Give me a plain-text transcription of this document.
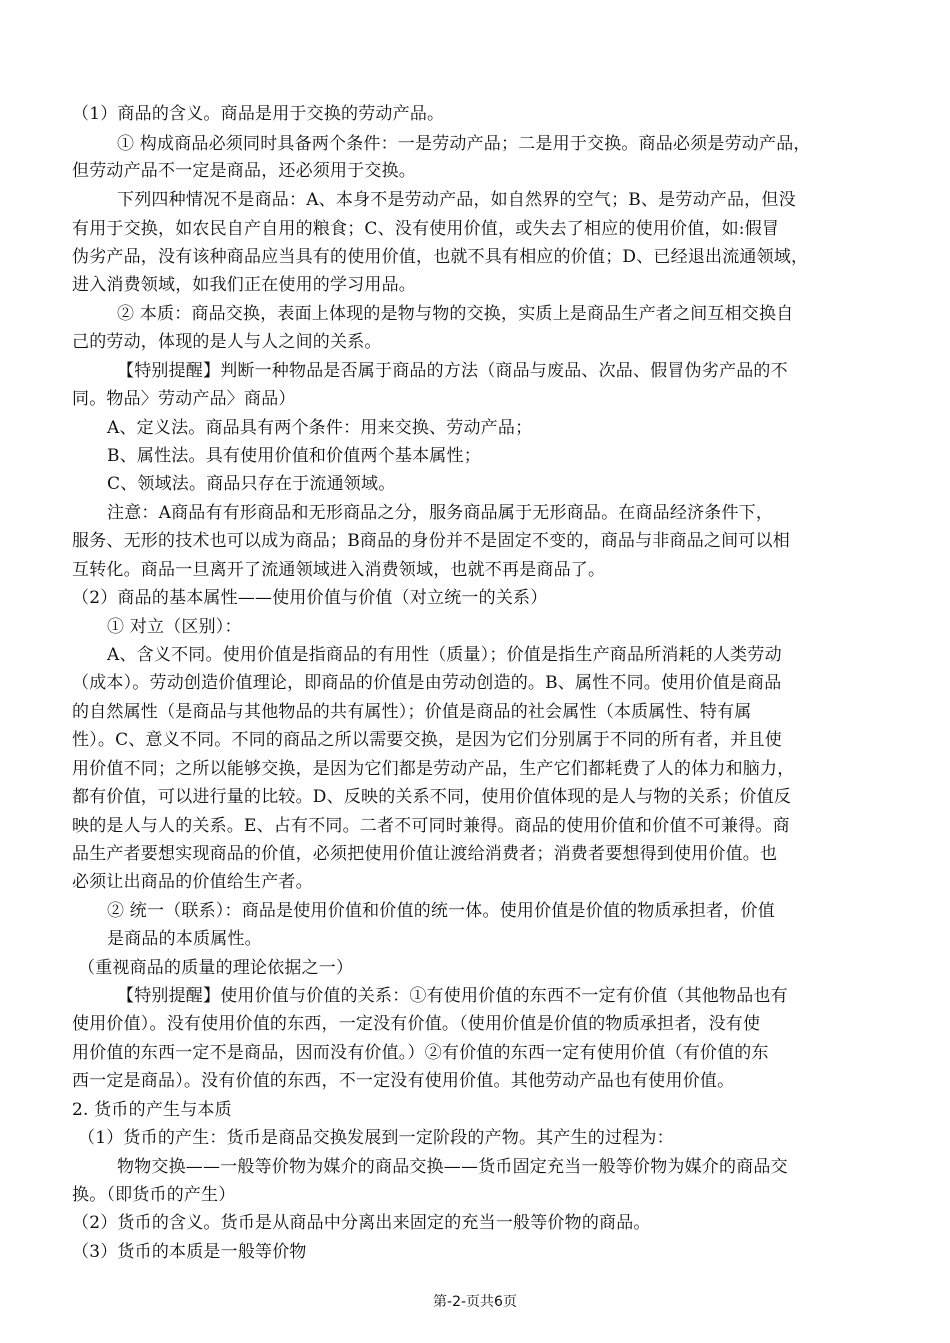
（1）商品的含义。商品是用于交换的劳动产品。
① 构成商品必须同时具备两个条件：一是劳动产品；二是用于交换。商品必须是劳动产品，
但劳动产品不一定是商品，还必须用于交换。
下列四种情况不是商品：A、本身不是劳动产品，如自然界的空气；B、是劳动产品，但没
有用于交换，如农民自产自用的粮食；C、没有使用价值，或失去了相应的使用价值，如:假冒
伪劣产品，没有该种商品应当具有的使用价值，也就不具有相应的价值；D、已经退出流通领域，
进入消费领域，如我们正在使用的学习用品。
② 本质：商品交换，表面上体现的是物与物的交换，实质上是商品生产者之间互相交换自
己的劳动，体现的是人与人之间的关系。
【特别提醒】判断一种物品是否属于商品的方法（商品与废品、次品、假冒伪劣产品的不
同。物品〉劳动产品〉商品）
A、定义法。商品具有两个条件：用来交换、劳动产品；
B、属性法。具有使用价值和价值两个基本属性；
C、领域法。商品只存在于流通领域。
注意：A商品有有形商品和无形商品之分，服务商品属于无形商品。在商品经济条件下，
服务、无形的技术也可以成为商品；B商品的身份并不是固定不变的，商品与非商品之间可以相
互转化。商品一旦离开了流通领域进入消费领域，也就不再是商品了。
（2）商品的基本属性——使用价值与价值（对立统一的关系）
① 对立（区别）：
A、含义不同。使用价值是指商品的有用性（质量）；价值是指生产商品所消耗的人类劳动
（成本）。劳动创造价值理论，即商品的价值是由劳动创造的。B、属性不同。使用价值是商品
的自然属性（是商品与其他物品的共有属性）；价值是商品的社会属性（本质属性、特有属
性）。C、意义不同。不同的商品之所以需要交换，是因为它们分别属于不同的所有者，并且使
用价值不同；之所以能够交换，是因为它们都是劳动产品，生产它们都耗费了人的体力和脑力，
都有价值，可以进行量的比较。D、反映的关系不同，使用价值体现的是人与物的关系；价值反
映的是人与人的关系。E、占有不同。二者不可同时兼得。商品的使用价值和价值不可兼得。商
品生产者要想实现商品的价值，必须把使用价值让渡给消费者；消费者要想得到使用价值。也
必须让出商品的价值给生产者。
② 统一（联系）：商品是使用价值和价值的统一体。使用价值是价值的物质承担者，价值
是商品的本质属性。
（重视商品的质量的理论依据之一）
【特别提醒】使用价值与价值的关系：①有使用价值的东西不一定有价值（其他物品也有
使用价值）。没有使用价值的东西，一定没有价值。（使用价值是价值的物质承担者，没有使
用价值的东西一定不是商品，因而没有价值。）②有价值的东西一定有使用价值（有价值的东
西一定是商品）。没有价值的东西，不一定没有使用价值。其他劳动产品也有使用价值。
2. 货币的产生与本质
（1）货币的产生：货币是商品交换发展到一定阶段的产物。其产生的过程为：
物物交换——一般等价物为媒介的商品交换——货币固定充当一般等价物为媒介的商品交
换。（即货币的产生）
（2）货币的含义。货币是从商品中分离出来固定的充当一般等价物的商品。
（3）货币的本质是一般等价物
第-2-页共6页
